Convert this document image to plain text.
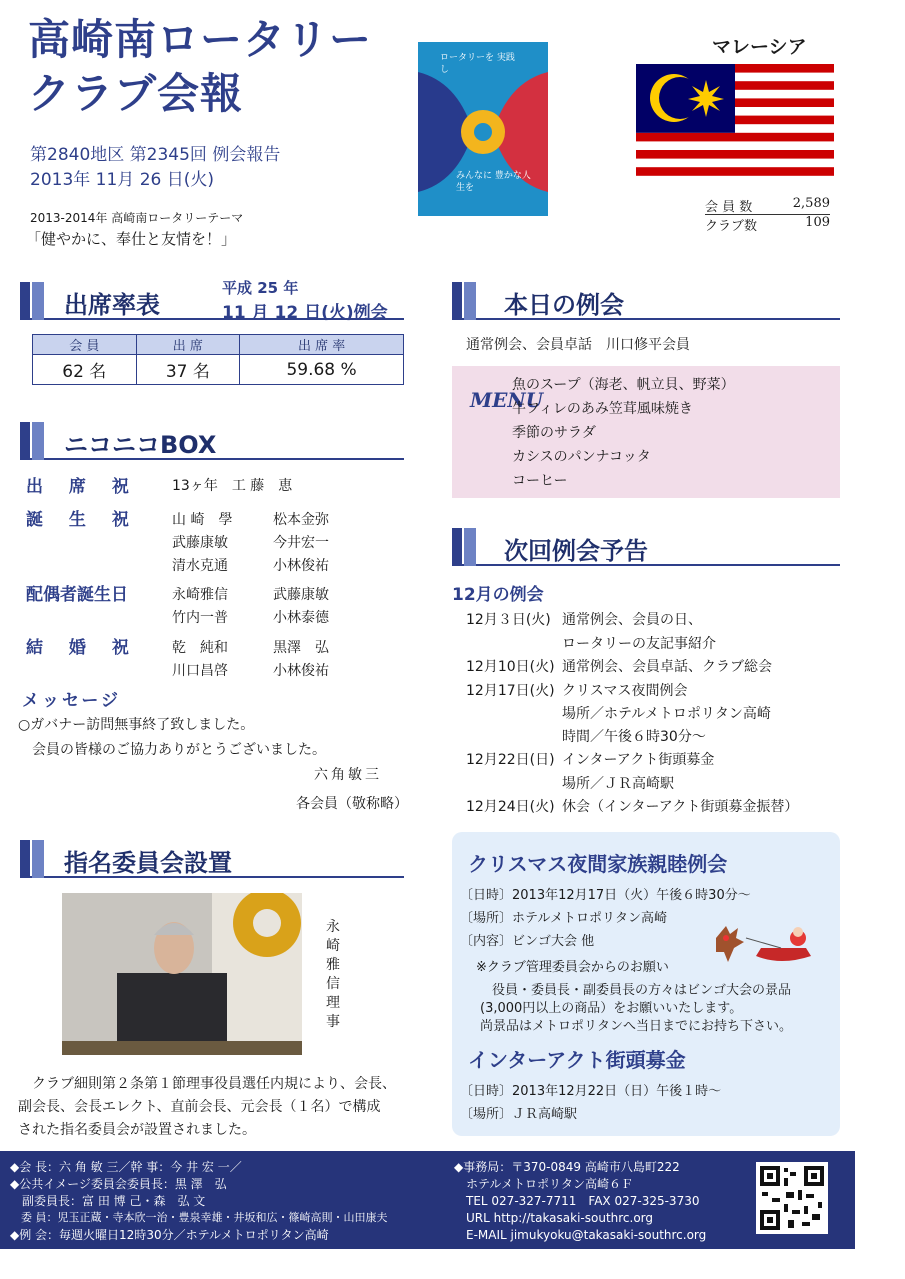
高崎南ロータリー
クラブ会報
第2840地区 第2345回 例会報告
2013年 11月 26 日(火)
2013-2014年 高崎南ロータリーテーマ
「健やかに、奉仕と友情を！」
ロータリーを 実践し
みんなに 豊かな人生を
マレーシア
会 員 数	2,589
クラブ数	109
出席率表
平成 25 年
11 月 12 日(火)例会
会 員	出 席	出 席 率
62 名	37 名	59.68 %
ニコニコBOX
出 席 祝 13ヶ年　工 藤　恵
誕 生 祝 山 崎　學	松本金弥
武藤康敏	今井宏一
清水克通	小林俊祐
配偶者誕生日	永崎雅信	武藤康敏
竹内一普	小林泰德
結 婚 祝 乾　純和	黒澤　弘
川口昌啓	小林俊祐
メッセージ
○ガバナー訪問無事終了致しました。
会員の皆様のご協力ありがとうございました。
六角敏三
各会員（敬称略）
指名委員会設置
永崎雅信理事
クラブ細則第２条第１節理事役員選任内規により、会長、
副会長、会長エレクト、直前会長、元会長（１名）で構成
された指名委員会が設置されました。
本日の例会
通常例会、会員卓話　川口修平会員
MENU
魚のスープ（海老、帆立貝、野菜）
牛フィレのあみ笠茸風味焼き
季節のサラダ
カシスのパンナコッタ
コーヒー
次回例会予告
12月の例会
12月３日(火) 通常例会、会員の日、
ロータリーの友記事紹介
12月10日(火) 通常例会、会員卓話、クラブ総会
12月17日(火) クリスマス夜間例会
場所／ホテルメトロポリタン高崎
時間／午後６時30分～
12月22日(日) インターアクト街頭募金
場所／ＪＲ高崎駅
12月24日(火) 休会（インターアクト街頭募金振替）
クリスマス夜間家族親睦例会
〔日時〕2013年12月17日（火）午後６時30分～
〔場所〕ホテルメトロポリタン高崎
〔内容〕ビンゴ大会 他
※クラブ管理委員会からのお願い
役員・委員長・副委員長の方々はビンゴ大会の景品
(3,000円以上の商品）をお願いいたします。
尚景品はメトロポリタンへ当日までにお持ち下さい。
インターアクト街頭募金
〔日時〕2013年12月22日（日）午後１時～
〔場所〕ＪＲ高崎駅
◆会 長：六 角 敏 三／幹 事：今 井 宏 一／
◆公共イメージ委員会委員長：黒 澤　弘
　副委員長：富 田 博 己・森　弘 文
　委 員：児玉正蔵・寺本欣一治・豊泉幸雄・井坂和広・篠崎高則・山田康夫
◆例 会：毎週火曜日12時30分／ホテルメトロポリタン高崎
◆事務局：〒370-0849 高崎市八島町222
　ホテルメトロポリタン高崎６Ｆ
　TEL 027-327-7711　FAX 027-325-3730
　URL http://takasaki-southrc.org
　E-MAIL jimukyoku@takasaki-southrc.org
